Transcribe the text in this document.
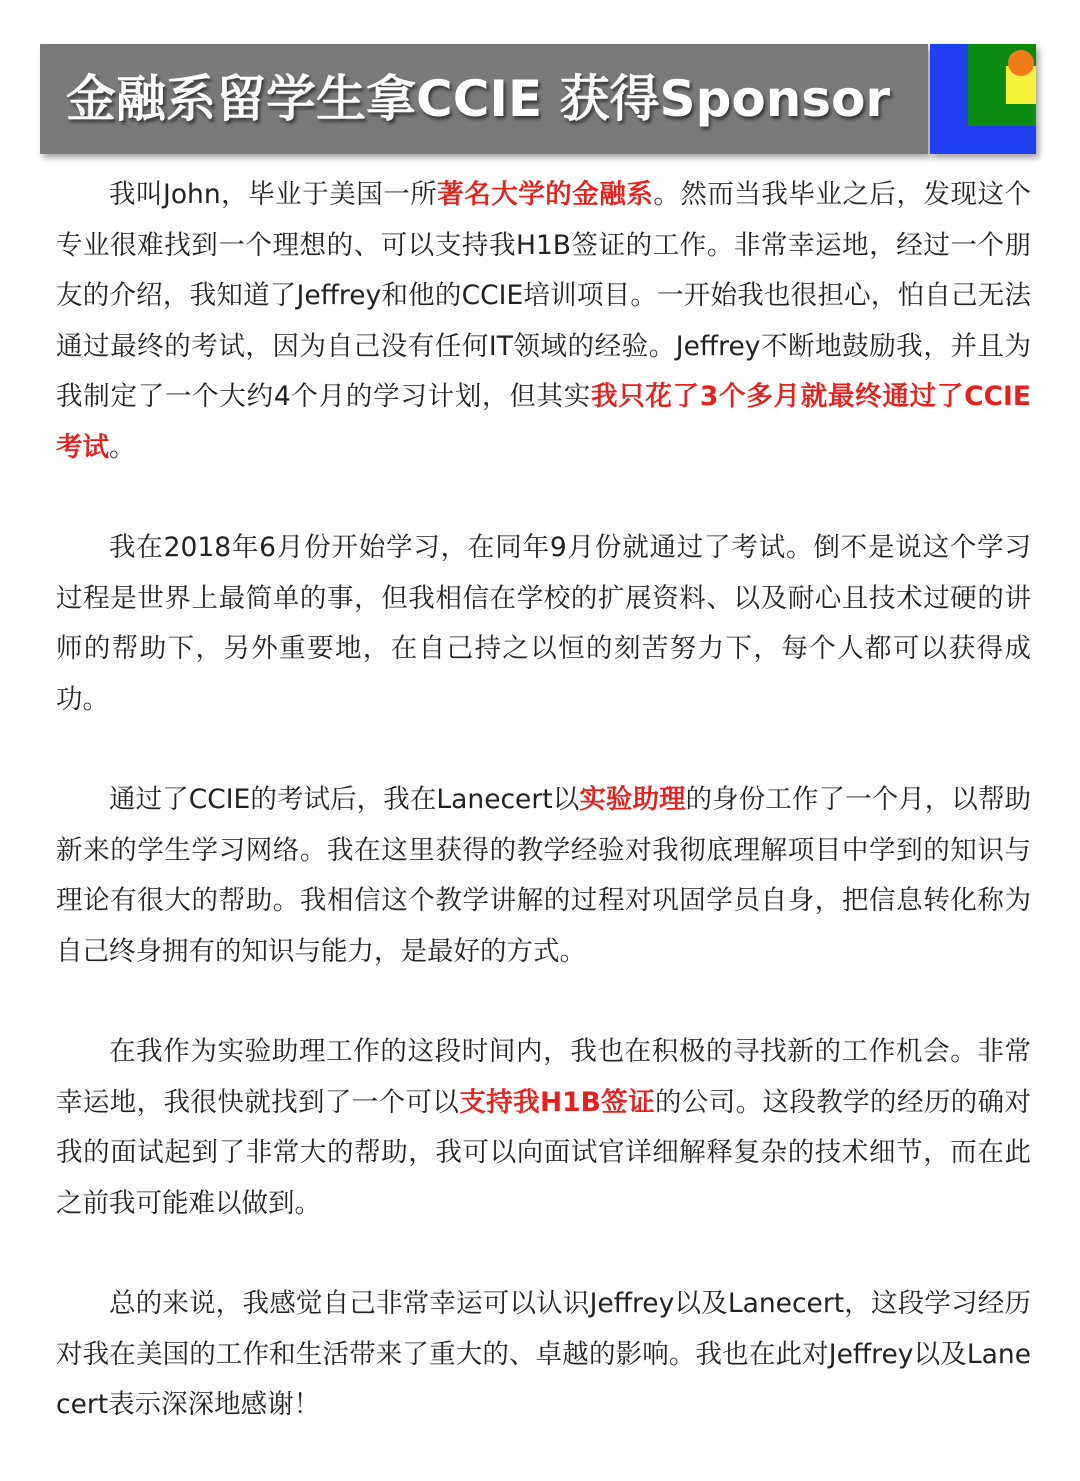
金融系留学生拿CCIE 获得Sponsor

我叫John，毕业于美国一所著名大学的金融系。然而当我毕业之后，发现这个专业很难找到一个理想的、可以支持我H1B签证的工作。非常幸运地，经过一个朋友的介绍，我知道了Jeffrey和他的CCIE培训项目。一开始我也很担心，怕自己无法通过最终的考试，因为自己没有任何IT领域的经验。Jeffrey不断地鼓励我，并且为我制定了一个大约4个月的学习计划，但其实我只花了3个多月就最终通过了CCIE考试。

我在2018年6月份开始学习，在同年9月份就通过了考试。倒不是说这个学习过程是世界上最简单的事，但我相信在学校的扩展资料、以及耐心且技术过硬的讲师的帮助下，另外重要地，在自己持之以恒的刻苦努力下，每个人都可以获得成功。

通过了CCIE的考试后，我在Lanecert以实验助理的身份工作了一个月，以帮助新来的学生学习网络。我在这里获得的教学经验对我彻底理解项目中学到的知识与理论有很大的帮助。我相信这个教学讲解的过程对巩固学员自身，把信息转化称为自己终身拥有的知识与能力，是最好的方式。

在我作为实验助理工作的这段时间内，我也在积极的寻找新的工作机会。非常幸运地，我很快就找到了一个可以支持我H1B签证的公司。这段教学的经历的确对我的面试起到了非常大的帮助，我可以向面试官详细解释复杂的技术细节，而在此之前我可能难以做到。

总的来说，我感觉自己非常幸运可以认识Jeffrey以及Lanecert，这段学习经历对我在美国的工作和生活带来了重大的、卓越的影响。我也在此对Jeffrey以及Lanecert表示深深地感谢！
